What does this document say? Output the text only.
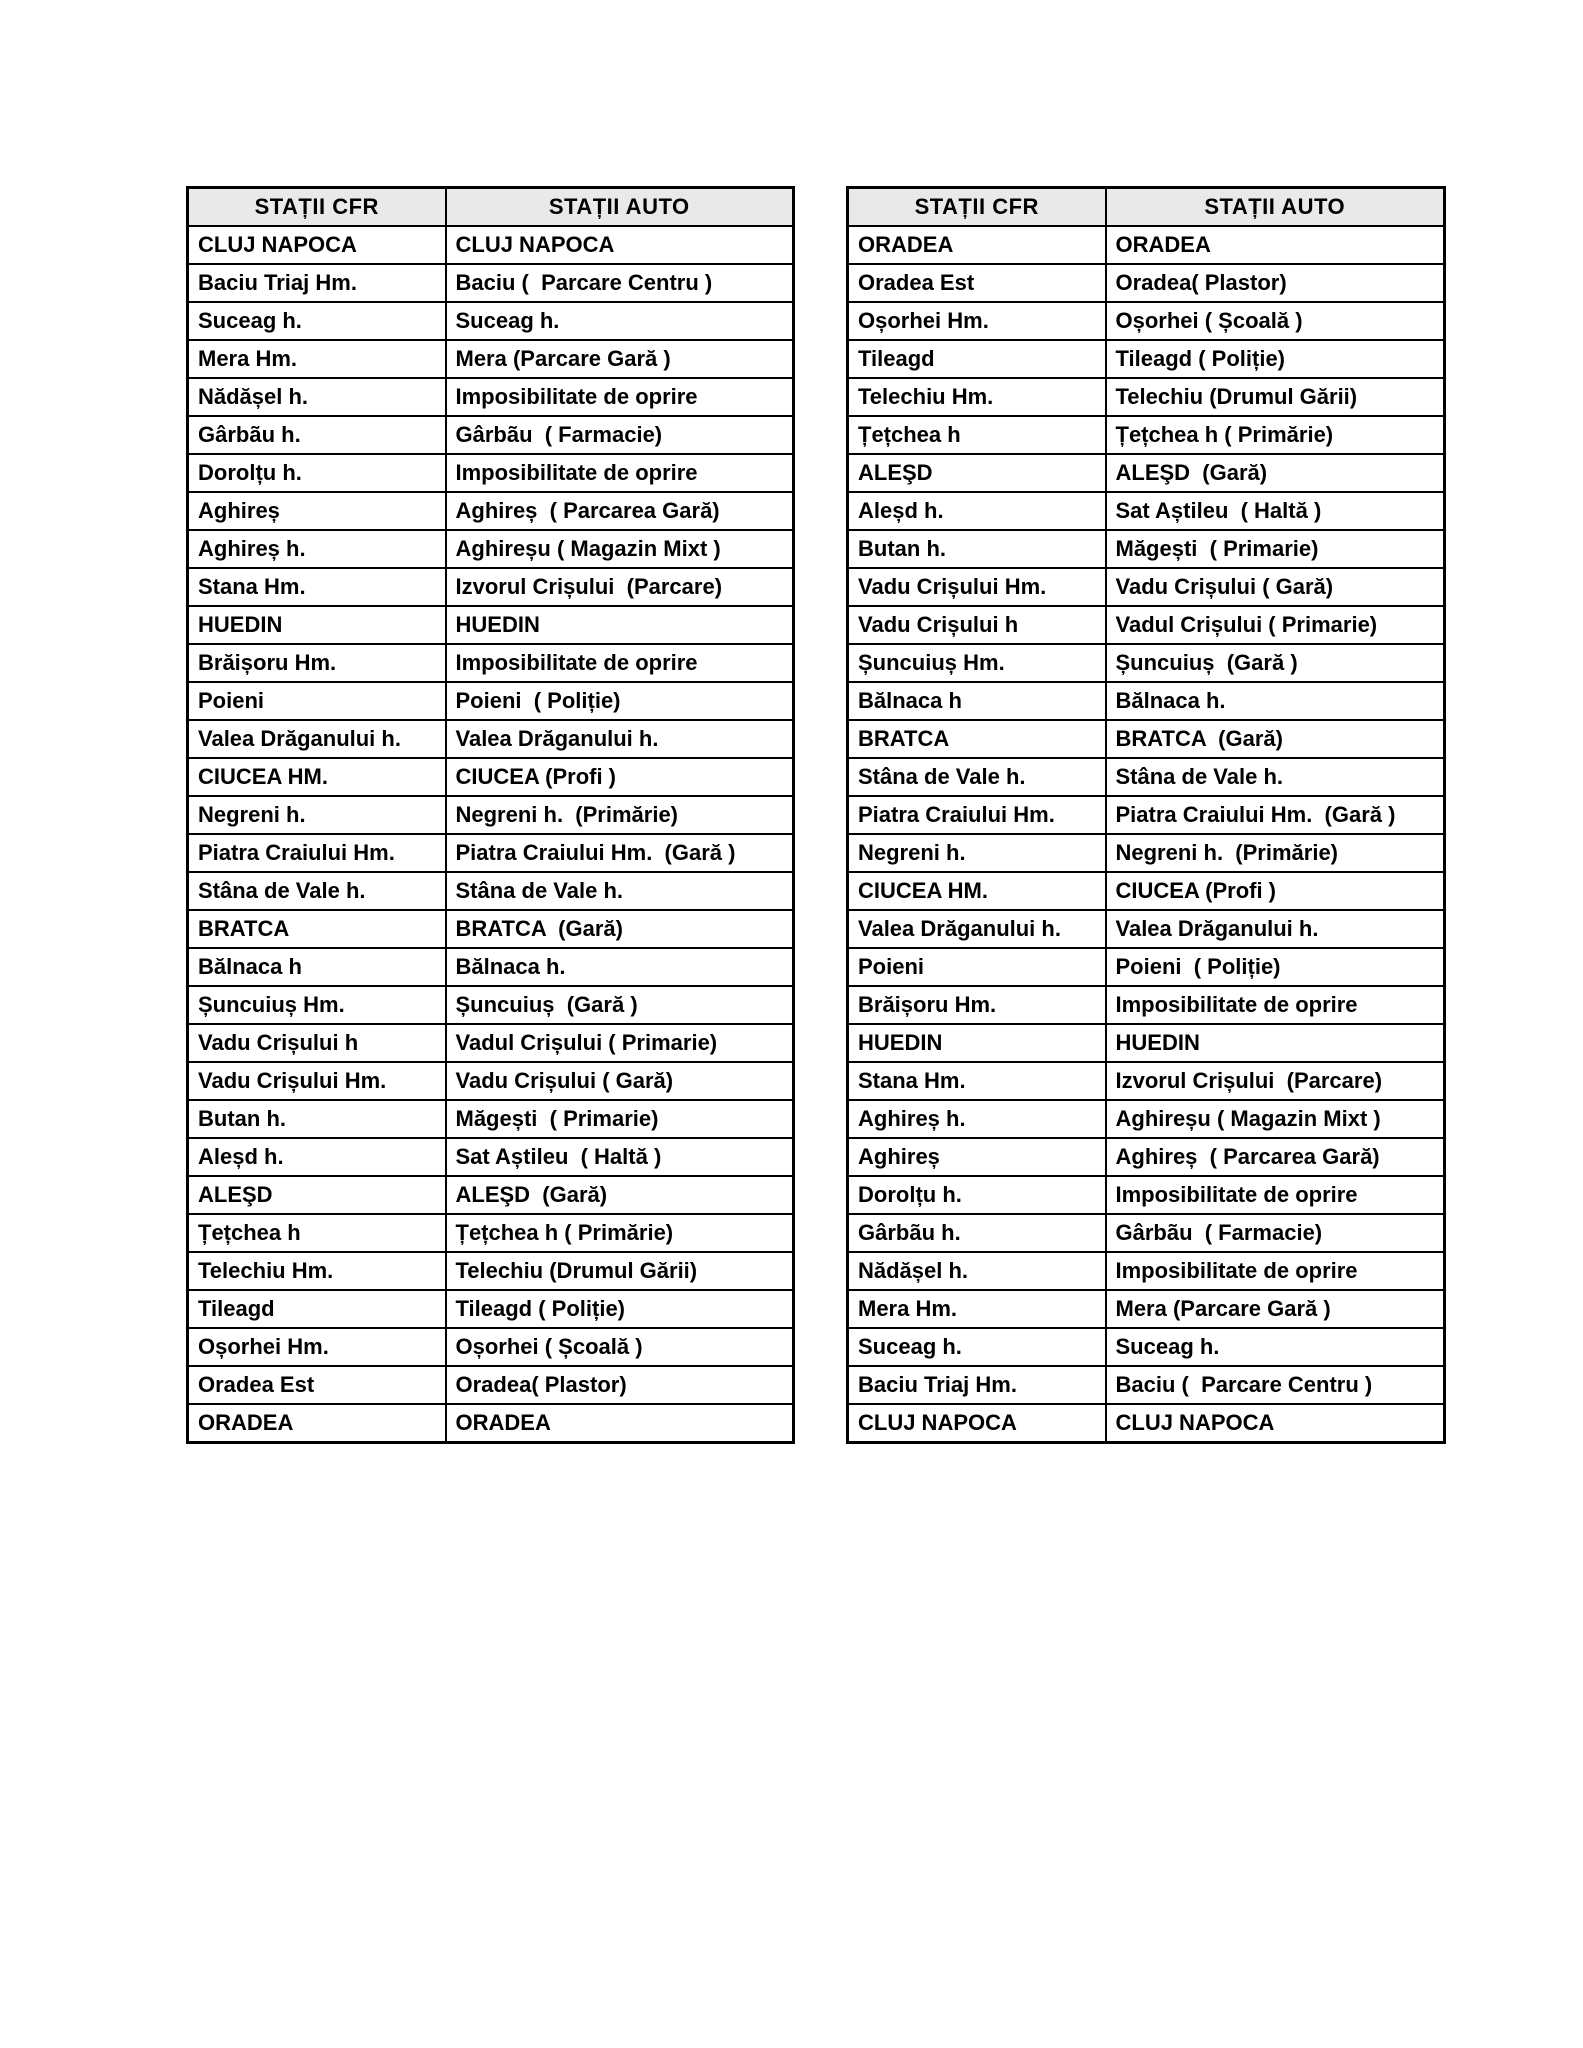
STAȚII CFR	STAȚII AUTO
CLUJ NAPOCA	CLUJ NAPOCA
Baciu Triaj Hm.	Baciu (  Parcare Centru )
Suceag h.	Suceag h.
Mera Hm.	Mera (Parcare Gară )
Nădășel h.	Imposibilitate de oprire
Gârbãu h.	Gârbãu  ( Farmacie)
Dorolțu h.	Imposibilitate de oprire
Aghireș	Aghireș  ( Parcarea Gară)
Aghireș h.	Aghireșu ( Magazin Mixt )
Stana Hm.	Izvorul Crișului  (Parcare)
HUEDIN	HUEDIN
Brăișoru Hm.	Imposibilitate de oprire
Poieni	Poieni  ( Poliție)
Valea Drăganului h.	Valea Drăganului h.
CIUCEA HM.	CIUCEA (Profi )
Negreni h.	Negreni h.  (Primărie)
Piatra Craiului Hm.	Piatra Craiului Hm.  (Gară )
Stâna de Vale h.	Stâna de Vale h.
BRATCA	BRATCA  (Gară)
Bălnaca h	Bălnaca h.
Șuncuiuș Hm.	Șuncuiuș  (Gară )
Vadu Crișului h	Vadul Crișului ( Primarie)
Vadu Crișului Hm.	Vadu Crișului ( Gară)
Butan h.	Măgești  ( Primarie)
Aleșd h.	Sat Aștileu  ( Haltă )
ALEŞD	ALEŞD  (Gară)
Țețchea h	Țețchea h ( Primărie)
Telechiu Hm.	Telechiu (Drumul Gării)
Tileagd	Tileagd ( Poliție)
Oșorhei Hm.	Oșorhei ( Școală )
Oradea Est	Oradea( Plastor)
ORADEA	ORADEA
STAȚII CFR	STAȚII AUTO
ORADEA	ORADEA
Oradea Est	Oradea( Plastor)
Oșorhei Hm.	Oșorhei ( Școală )
Tileagd	Tileagd ( Poliție)
Telechiu Hm.	Telechiu (Drumul Gării)
Țețchea h	Țețchea h ( Primărie)
ALEŞD	ALEŞD  (Gară)
Aleșd h.	Sat Aștileu  ( Haltă )
Butan h.	Măgești  ( Primarie)
Vadu Crișului Hm.	Vadu Crișului ( Gară)
Vadu Crișului h	Vadul Crișului ( Primarie)
Șuncuiuș Hm.	Șuncuiuș  (Gară )
Bălnaca h	Bălnaca h.
BRATCA	BRATCA  (Gară)
Stâna de Vale h.	Stâna de Vale h.
Piatra Craiului Hm.	Piatra Craiului Hm.  (Gară )
Negreni h.	Negreni h.  (Primărie)
CIUCEA HM.	CIUCEA (Profi )
Valea Drăganului h.	Valea Drăganului h.
Poieni	Poieni  ( Poliție)
Brăișoru Hm.	Imposibilitate de oprire
HUEDIN	HUEDIN
Stana Hm.	Izvorul Crișului  (Parcare)
Aghireș h.	Aghireșu ( Magazin Mixt )
Aghireș	Aghireș  ( Parcarea Gară)
Dorolțu h.	Imposibilitate de oprire
Gârbãu h.	Gârbãu  ( Farmacie)
Nădășel h.	Imposibilitate de oprire
Mera Hm.	Mera (Parcare Gară )
Suceag h.	Suceag h.
Baciu Triaj Hm.	Baciu (  Parcare Centru )
CLUJ NAPOCA	CLUJ NAPOCA
